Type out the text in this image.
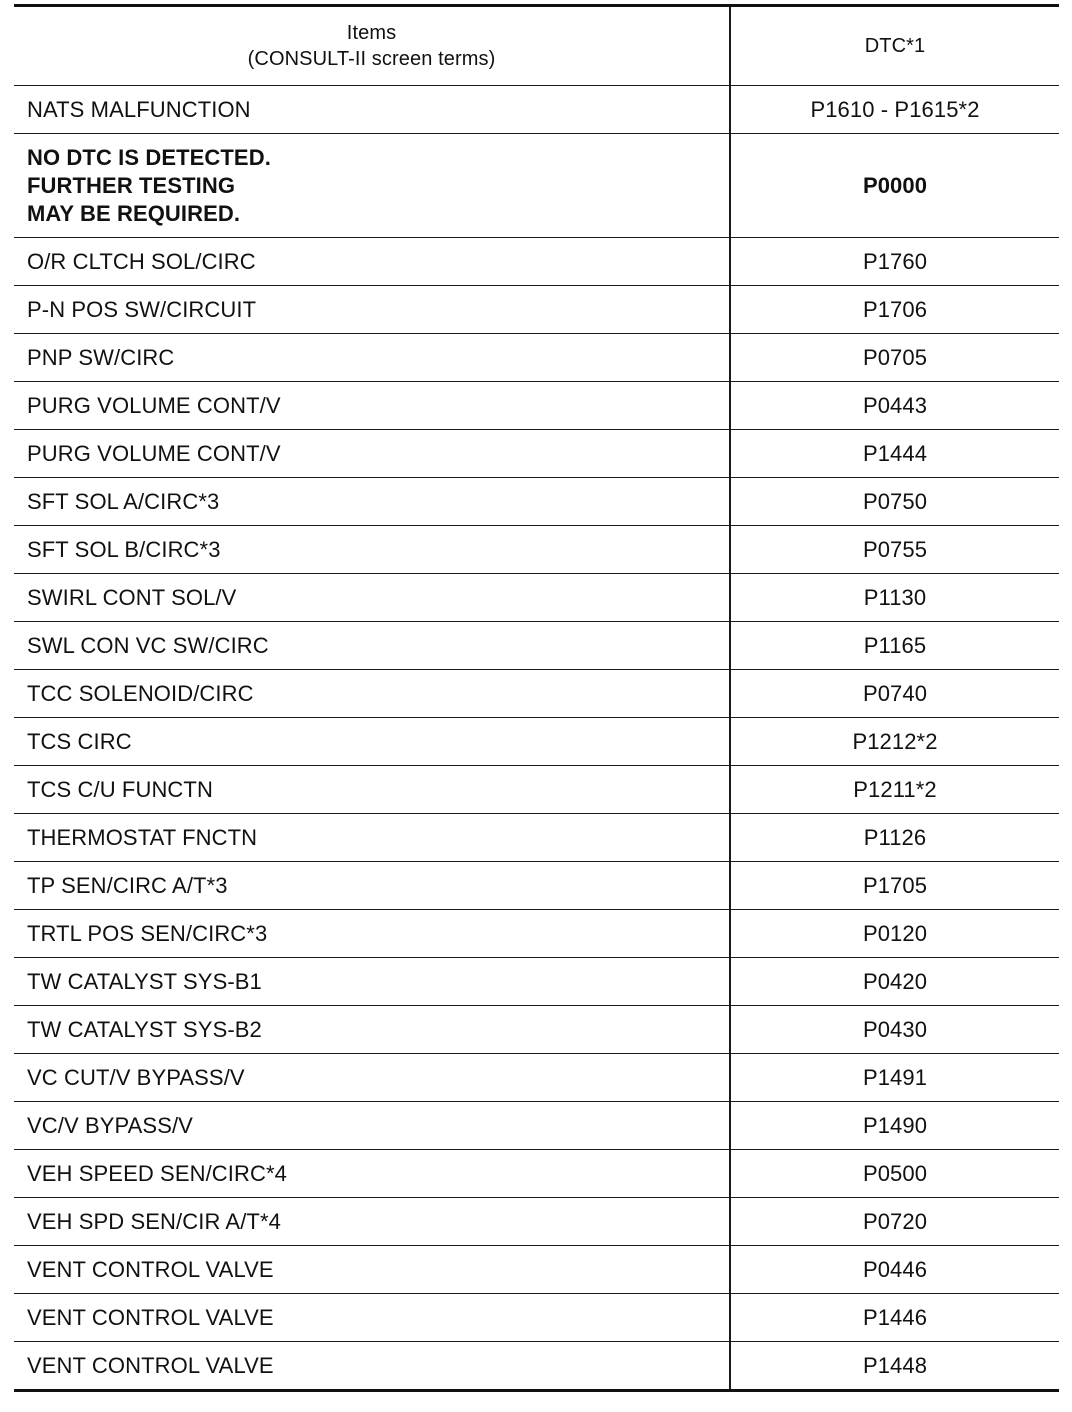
Items
(CONSULT-II screen terms)	DTC*1
NATS MALFUNCTION	P1610 - P1615*2

NO DTC IS DETECTED.
FURTHER TESTING
MAY BE REQUIRED.	P0000
O/R CLTCH SOL/CIRC	P1760
P-N POS SW/CIRCUIT	P1706
PNP SW/CIRC	P0705
PURG VOLUME CONT/V	P0443
PURG VOLUME CONT/V	P1444
SFT SOL A/CIRC*3	P0750
SFT SOL B/CIRC*3	P0755
SWIRL CONT SOL/V	P1130
SWL CON VC SW/CIRC	P1165
TCC SOLENOID/CIRC	P0740
TCS CIRC	P1212*2
TCS C/U FUNCTN	P1211*2
THERMOSTAT FNCTN	P1126
TP SEN/CIRC A/T*3	P1705
TRTL POS SEN/CIRC*3	P0120
TW CATALYST SYS-B1	P0420
TW CATALYST SYS-B2	P0430
VC CUT/V BYPASS/V	P1491
VC/V BYPASS/V	P1490
VEH SPEED SEN/CIRC*4	P0500
VEH SPD SEN/CIR A/T*4	P0720
VENT CONTROL VALVE	P0446
VENT CONTROL VALVE	P1446
VENT CONTROL VALVE	P1448
